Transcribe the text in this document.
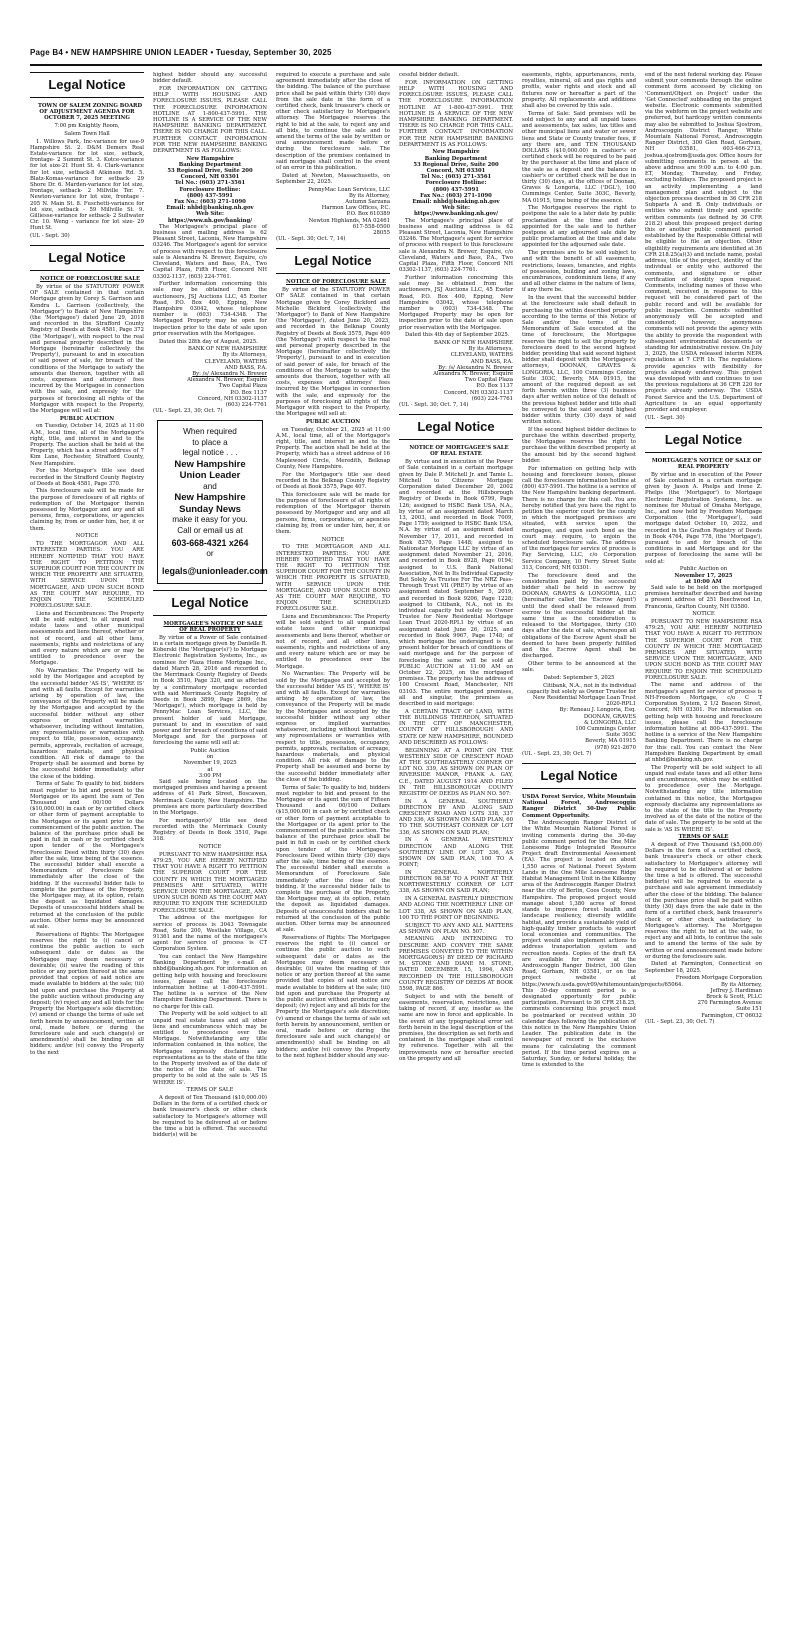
Page B4 • NEW HAMPSHIRE UNION LEADER • Tuesday, September 30, 2025
Legal Notice

TOWN OF SALEM ZONING BOARD OF ADJUSTMENT AGENDA FOR OCTOBER 7, 2025 MEETING

7:00 pm Knightly Room,

Salem Town Hall

1. Willows Park, Inc-variance for use-9 Hampshire St. 2. D&M Demers Real Estate-variance for lot size, setback, frontage- 2 Summit St. 3. Kotce-variance for lot size-21 Hunt St. 4. Clark-variance for lot size, setback-8 Atkinson Rd. 5. Blatz-Komas-variance for setback- 29 Shore Dr. 6. Marden-variance for lot size, frontage, setback- 2 Millville Ter. 7. Newton-variance for lot size, frontage - 205 N. Main St. 8. Fuschetti-variance for lot size, setback - 59 Millville St. 9. Gilliesse-variance for setback- 2 Sullwater Cir. 10. Weng - variance for lot size- 29 Hunt St.

(UL - Sept. 30)

Legal Notice

NOTICE OF FORECLOSURE SALE

By virtue of the STATUTORY POWER OF SALE contained in that certain Mortgage given by Corey S. Garrison and Kendra L. Garrison (collectively, the 'Mortgagor') to Bank of New Hampshire (the 'Mortgagee') dated June 29, 2018 and recorded in the Strafford County Registry of Deeds at Book 4581, Page 372 (the 'Mortgage'), with respect to the real and personal property described in the Mortgage (hereinafter collectively the 'Property'), pursuant to and in execution of said power of sale, for breach of the conditions of the Mortgage to satisfy the amounts due thereon, together with all costs, expenses and attorneys' fees incurred by the Mortgagee in connection with the sale, and expressly for the purposes of foreclosing all rights of the Mortgagor with respect to the Property, the Mortgagee will sell at:

PUBLIC AUCTION

on Tuesday, October 14, 2025 at 11:00 A.M., local time, all of the Mortgagor's right, title, and interest in and to the Property. The auction shall be held at the Property, which has a street address of 7 Kim Lane, Rochester, Strafford County, New Hampshire.

For the Mortgagor's title see deed recorded in the Strafford County Registry of Deeds at Book 4581, Page 370.

This foreclosure sale will be made for the purpose of foreclosure of all rights of redemption of the Mortgagor therein possessed by Mortgagor and any and all persons, firms, corporations, or agencies claiming by, from or under him, her, it or them.

NOTICE

TO THE MORTGAGOR AND ALL INTERESTED PARTIES: YOU ARE HEREBY NOTIFIED THAT YOU HAVE THE RIGHT TO PETITION THE SUPERIOR COURT FOR THE COUNTY IN WHICH THE PROPERTY ARE SITUATED, WITH SERVICE UPON THE MORTGAGEE, AND UPON SUCH BOND AS THE COURT MAY REQUIRE, TO ENJOIN THE SCHEDULED FORECLOSURE SALE.

Liens and Encumbrances: The Property will be sold subject to all unpaid real estate taxes and other municipal assessments and liens thereof, whether or not of record, and all other liens, easements, rights and restrictions of any and every nature which are or may be entitled to precedence over the Mortgage.

No Warranties: The Property will be sold by the Mortgagee and accepted by the successful bidder 'AS IS', 'WHERE IS' and with all faults. Except for warranties arising by operation of law, the conveyance of the Property will be made by the Mortgagee and accepted by the successful bidder without any other express or implied warranties whatsoever, including without limitation, any representations or warranties with respect to title, possession, occupancy, permits, approvals, recitation of acreage, hazardous materials, and physical condition. All risk of damage to the Property shall be assumed and borne by the successful bidder immediately after the close of the bidding.

Terms of Sale: To qualify to bid, bidders must register to bid and present to the Mortgagee or its agent the sum of Ten Thousand and 00/100 Dollars ($10,000.00) in cash or by certified check or other form of payment acceptable to the Mortgagee or its agent prior to the commencement of the public auction. The balance of the purchase price shall be paid in full in cash or by certified check upon tender of the Mortgagee's Foreclosure Deed within thirty (30) days after the sale, time being of the essence. The successful bidder shall execute a Memorandum of Foreclosure Sale immediately after the close of the bidding. If the successful bidder fails to complete the purchase of the Property, the Mortgagee may, at its option, retain the deposit as liquidated damages. Deposits of unsuccessful bidders shall be returned at the conclusion of the public auction. Other terms may be announced at sale.

Reservations of Rights: The Mortgagee reserves the right to (i) cancel or continue the public auction to such subsequent date or dates as the Mortgagee may deem necessary or desirable; (ii) waive the reading of this notice or any portion thereof at the same provided that copies of said notice are made available to bidders at the sale; (iii) bid upon and purchase the Property at the public auction without producing any deposit; (iv) reject any and all bids for the Property the Mortgagee's sole discretion; (v) amend or change the terms of sale set forth herein by announcement, written or oral, made before or during the foreclosure sale and such change(s) or amendment(s) shall be binding on all bidders; and/or (vi) convey the Property to the next

highest bidder should any successful bidder default.

FOR INFORMATION ON GETTING HELP WITH HOUSING AND FORECLOSURE ISSUES, PLEASE CALL THE FORECLOSURE INFORMATION HOTLINE AT 1-800-437-5991. THE HOTLINE IS A SERVICE OF THE NEW HAMPSHIRE BANKING DEPARTMENT. THERE IS NO CHARGE FOR THIS CALL. FURTHER CONTACT INFORMATION FOR THE NEW HAMPSHIRE BANKING DEPARTMENT IS AS FOLLOWS:

New Hampshire
Banking Department
53 Regional Drive, Suite 200
Concord, NH 03301
Tel No.: (603) 271-3561
Foreclosure Hotline:
(800) 437-5991
Fax No.: (603) 271-1090
Email: nhbd@banking.nh.gov
Web Site:
https://www.nh.gov/banking/

The Mortgagee's principal place of business and mailing address is 62 Pleasant Street, Laconia, New Hampshire 03246. The Mortgagee's agent for service of process with respect to this foreclosure sale is Alexandra N. Brewer, Esquire, c/o Cleveland, Waters and Bass, P.A., Two Capital Plaza, Fifth Floor, Concord NH 03302-1137, (603) 224-7761.

Further information concerning this sale may be obtained from the auctioneers, JSJ Auctions LLC, 45 Exeter Road, P.O. Box 400, Epping, New Hampshire 03042, whose telephone number is (603) 734-4348. The Mortgaged Property may be open for inspection prior to the date of sale upon prior reservation with the Mortgagee.

Dated this 28th day of August, 2025.

BANK OF NEW HAMPSHIRE
By its Attorneys,
CLEVELAND, WATERS
AND BASS, P.A.
By: /s/ Alexandra N. Brewer
Alexandra N. Brewer, Esquire
Two Capital Plaza
P.O. Box 1137
Concord, NH 03302-1137
(603) 224-7761

(UL - Sept. 23, 30; Oct. 7)

When required
to place a
legal notice . . .
New Hampshire
Union Leader
and
New Hampshire
Sunday News
make it easy for you.
Call or email us at
603-668-4321 x264
or
legals@unionleader.com
Legal Notice

MORTGAGEE'S NOTICE OF SALE OF REAL PROPERTY

By virtue of a Power of Sale contained in a certain mortgage given by Danielle R. Koberski (the 'Mortgagor(s)') to Mortgage Electronic Registration Systems, Inc., as nominee for Plaza Home Mortgage Inc., dated March 28, 2016 and recorded in the Merrimack County Registry of Deeds in Book 3510, Page 320, and as affected by a confirmatory mortgage recorded with said Merrimack County Registry of Deeds in Book 3899, Page 2869, (the 'Mortgage'), which mortgage is held by PennyMac Loan Services, LLC, the present holder of said Mortgage, pursuant to and in execution of said power and for breach of conditions of said Mortgage and for the purposes of foreclosing the same will sell at:

Public Auction
on
November 19, 2025
at
3:00 PM

Said sale being located on the mortgaged premises and having a present address of 41 Park Street, Boscawen, Merrimack County, New Hampshire. The premises are more particularly described in the Mortgage.

For mortgagor(s)' title see deed recorded with the Merrimack County Registry of Deeds in Book 3510, Page 318.

NOTICE

PURSUANT TO NEW HAMPSHIRE RSA 479:25, YOU ARE HEREBY NOTIFIED THAT YOU HAVE A RIGHT TO PETITION THE SUPERIOR COURT FOR THE COUNTY IN WHICH THE MORTGAGED PREMISES ARE SITUATED, WITH SERVICE UPON THE MORTGAGEE, AND UPON SUCH BOND AS THE COURT MAY REQUIRE TO ENJOIN THE SCHEDULED FORECLOSURE SALE.

The address of the mortgagee for service of process is 3043 Townsgate Road, Suite 200, Westlake Village, CA 91361 and the name of the mortgagee's agent for service of process is CT Corporation System.

You can contact the New Hampshire Banking Department by e-mail at nhbd@banking.nh.gov. For information on getting help with housing and foreclosure issues, please call the foreclosure information hotline at 1-800-437-5991. The hotline is a service of the New Hampshire Banking Department. There is no charge for this call.

The Property will be sold subject to all unpaid real estate taxes and all other liens and encumbrances which may be entitled to precedence over the Mortgage. Notwithstanding any title information contained in this notice, the Mortgagee expressly disclaims any representations as to the state of the title to the Property involved as of the date of the notice of the date of sale. The property to be sold at the sale is 'AS IS WHERE IS'.

TERMS OF SALE

A deposit of Ten Thousand ($10,000.00) Dollars in the form of a certified check or bank treasurer's check or other check satisfactory to Mortgagee's attorney will be required to be delivered at or before the time a bid is offered. The successful bidder(s) will be

required to execute a purchase and sale agreement immediately after the close of the bidding. The balance of the purchase price shall be paid within thirty (30) days from the sale date in the form of a certified check, bank treasurer's check or other check satisfactory to Mortgagee's attorney. The Mortgagee reserves the right to bid at the sale, to reject any and all bids, to continue the sale and to amend the terms of the sale by written or oral announcement made before or during the foreclosure sale. The description of the premises contained in said mortgage shall control in the event of an error in this publication.

Dated at Newton, Massachusetts, on September 22, 2025.

PennyMac Loan Services, LLC
By its Attorney,
Autumn Sarzana
Harmon Law Offices, P.C.
P.O. Box 610389
Newton Highlands, MA 02461
617-558-0500
28055

(UL - Sept. 30; Oct. 7, 14)

Legal Notice

NOTICE OF FORECLOSURE SALE

By virtue of the STATUTORY POWER OF SALE contained in that certain Mortgage given by Corey Bickford and Michelle Bickford (collectively, the 'Mortgagor') to Bank of New Hampshire (the 'Mortgagee'), dated June 20, 2023, and recorded in the Belknap County Registry of Deeds at Book 3575, Page 409 (the 'Mortgage') with respect to the real and personal property described in the Mortgage (hereinafter collectively the 'Property'), pursuant to and in execution of said power of sale, for breach of the conditions of the Mortgage to satisfy the amounts due thereon, together with all costs, expenses and attorneys' fees incurred by the Mortgagee in connection with the sale, and expressly for the purposes of foreclosing all rights of the Mortgagor with respect to the Property, the Mortgagee will sell at:

PUBLIC AUCTION

on Tuesday, October 21, 2025 at 11:00 A.M., local time, all of the Mortgagor's right, title, and interest in and to the Property. The auction shall be held at the Property, which has a street address of 16 Maplewood Circle, Meredith, Belknap County, New Hampshire.

For the Mortgagor's title see deed recorded in the Belknap County Registry of Deeds at Book 3575, Page 407.

This foreclosure sale will be made for the purpose of foreclosure of all rights of redemption of the Mortgagor therein possessed by Mortgagor and any and all persons, firms, corporations, or agencies claiming by, from or under him, her, it or them.

NOTICE

TO THE MORTGAGOR AND ALL INTERESTED PARTIES: YOU ARE HEREBY NOTIFIED THAT YOU HAVE THE RIGHT TO PETITION THE SUPERIOR COURT FOR THE COUNTY IN WHICH THE PROPERTY IS SITUATED, WITH SERVICE UPON THE MORTGAGEE, AND UPON SUCH BOND AS THE COURT MAY REQUIRE, TO ENJOIN THE SCHEDULED FORECLOSURE SALE.

Liens and Encumbrances: The Property will be sold subject to all unpaid real estate taxes and other municipal assessments and liens thereof, whether or not of record, and all other liens, easements, rights and restrictions of any and every nature which are or may be entitled to precedence over the Mortgage.

No Warranties: The Property will be sold by the Mortgagee and accepted by the successful bidder 'AS IS', 'WHERE IS' and with all faults. Except for warranties arising by operation of law, the conveyance of the Property will be made by the Mortgagee and accepted by the successful bidder without any other express or implied warranties whatsoever, including without limitation, any representations or warranties with respect to title, possession, occupancy, permits, approvals, recitation of acreage, hazardous materials, and physical condition. All risk of damage to the Property shall be assumed and borne by the successful bidder immediately after the close of the bidding.

Terms of Sale: To qualify to bid, bidders must register to bid and present to the Mortgagee or its agent the sum of Fifteen Thousand and 00/100 Dollars ($15,000.00) in cash or by certified check or other form of payment acceptable to the Mortgagee or its agent prior to the commencement of the public auction. The balance of the purchase price shall be paid in full in cash or by certified check upon tender of the Mortgagee's Foreclosure Deed within thirty (30) days after the sale, time being of the essence. The successful bidder shall execute a Memorandum of Foreclosure Sale immediately after the close of the bidding. If the successful bidder fails to complete the purchase of the Property, the Mortgagee may, at its option, retain the deposit as liquidated damages. Deposits of unsuccessful bidders shall be returned at the conclusion of the public auction. Other terms may be announced at sale.

Reservations of Rights: The Mortgagee reserves the right to (i) cancel or continue the public auction to such subsequent date or dates as the Mortgagee may deem necessary or desirable; (ii) waive the reading of this notice or any portion thereof at the same provided that copies of said notice are made available to bidders at the sale; (iii) bid upon and purchase the Property at the public auction without producing any deposit; (iv) reject any and all bids for the Property the Mortgagee's sole discretion; (v) amend or change the terms of sale set forth herein by announcement, written or oral, made before or during the foreclosure sale and such change(s) or amendment(s) shall be binding on all bidders; and/or (vi) convey the Property to the next highest bidder should any suc-

cessful bidder default.

FOR INFORMATION ON GETTING HELP WITH HOUSING AND FORECLOSURE ISSUES, PLEASE CALL THE FORECLOSURE INFORMATION HOTLINE AT 1-800-437-5991. THE HOTLINE IS A SERVICE OF THE NEW HAMPSHIRE BANKING DEPARTMENT. THERE IS NO CHARGE FOR THIS CALL. FURTHER CONTACT INFORMATION FOR THE NEW HAMPSHIRE BANKING DEPARTMENT IS AS FOLLOWS:

New Hampshire
Banking Department
53 Regional Drive, Suite 200
Concord, NH 03301
Tel No.: (603) 271-3561
Foreclosure Hotline:
(800) 437-5991
Fax No.: (603) 271-1090
Email: nhbd@banking.nh.gov
Web Site:
https://www.banking.nh.gov/

The Mortgagee's principal place of business and mailing address is 62 Pleasant Street, Laconia, New Hampshire 03246. The Mortgagee's agent for service of process with respect to this foreclosure sale is Alexandra N. Brewer, Esquire, c/o Cleveland, Waters and Bass, P.A., Two Capital Plaza, Fifth Floor, Concord NH 03302-1137, (603) 224-7761.

Further information concerning this sale may be obtained from the auctioneers, JSJ Auctions LLC, 45 Exeter Road, P.O. Box 400, Epping, New Hampshire 03042, whose telephone number is (603) 734-4348. The Mortgaged Property may be open for inspection prior to the date of sale upon prior reservation with the Mortgagee.

Dated this 4th day of September 2025.

BANK OF NEW HAMPSHIRE
By its Attorneys,
CLEVELAND, WATERS
AND BASS, P.A.
By: /s/ Alexandra N. Brewer
Alexandra N. Brewer, Esquire
Two Capital Plaza
P.O. Box 1137
Concord, NH 03302-1137
(603) 224-7761

(UL - Sept. 30; Oct. 7, 14)

Legal Notice

NOTICE OF MORTGAGEE'S SALE OF REAL ESTATE

By virtue and in execution of the Power of Sale contained in a certain mortgage given by Dale P. Mitchell Jr. and Tamie L. Mitchell to Citizens Mortgage Corporation dated December 20, 2002 and recorded at the Hillsborough Registry of Deeds in Book 6799, Page 126; assigned to HSBC Bank USA, N.A., by virtue of an assignment dated March 13, 2003, and recorded in Book 7009, Page 1759; assigned to HSBC Bank USA, N.A. by virtue of an assignment dated November 17, 2011, and recorded in Book 8370, Page 1448; assigned to Nationstar Mortgage LLC by virtue of an assignment dated November 21, 2016, and recorded in Book 8928, Page 0194; assigned to U.S. Bank National Association, Not In Its Individual Capacity But Solely As Trustee For The NRZ Pass-Through Trust VII (PRE7) by virtue of an assignment dated September 5, 2019, and recorded in Book 9206, Page 1228; assigned to Citibank, N.A., not in its individual capacity but solely as Owner Trustee for New Residential Mortgage Loan Trust 2020-RPL1 by virtue of an assignment dated June 26, 2025, and recorded in Book 9967, Page 1748; of which mortgage the undersigned is the present holder for breach of conditions of said mortgage and for the purpose of foreclosing the same will be sold at PUBLIC AUCTION at 11:00 AM on October 22, 2025, on the mortgaged premises. The property has the address of 100 Crescent Road, Manchester, NH 03103. The entire mortgaged premises, all and singular, the premises as described in said mortgage:

A CERTAIN TRACT OF LAND, WITH THE BUILDINGS THEREON, SITUATED IN THE CITY OF MANCHESTER, COUNTY OF HILLSBOROUGH AND STATE OF NEW HAMPSHIRE, BOUNDED AND DESCRIBED AS FOLLOWS:

BEGINNING AT A POINT ON THE WESTERLY SIDE OF CRESCENT ROAD AT THE SOUTHEASTERLY CORNER OF LOT NO. 339, AS SHOWN ON PLAN OF RIVERSIDE MANOR, FRANK A. GAY, C.E., DATED AUGUST 1914 AND FILED IN THE HILLSBOROUGH COUNTY REGISTRY OF DEEDS AS PLAN NO. 507:

IN A GENERAL SOUTHERLY DIRECTION BY AND ALONG SAID CRESCENT ROAD AND LOTS 338, 337 AND 336, AS SHOWN ON SAID PLAN, 60 TO THE SOUTHEAST CORNER OF LOT 336, AS SHOWN ON SAID PLAN;

IN A GENERAL WESTERLY DIRECTION AND ALONG THE SOUTHERLY LINE OF LOT 336, AS SHOWN ON SAID PLAN, 100 TO A POINT;

IN GENERAL NORTHERLY DIRECTION 98.58' TO A POINT AT THE NORTHWESTERLY CORNER OF LOT 338, AS SHOWN ON SAID PLAN;

IN A GENERAL EASTERLY DIRECTION AND ALONG THE NORTHERLY LINE OF LOT 338, AS SHOWN ON SAID PLAN, 100 TO THE POINT OF BEGINNING.

SUBJECT TO ANY AND ALL MATTERS AS SHOWN ON PLAN NO. 507.

MEANING AND INTENDING TO DESCRIBE AND CONVEY THE SAME PREMISES CONVEYED TO THE WITHIN MORTGAGOR(S) BY DEED OF RICHARD M. STONE AND DIANE M. STONE, DATED DECEMBER 15, 1994, AND RECORDED IN THE HILLSBOROUGH COUNTY REGISTRY OF DEEDS AT BOOK 5598, PAGE 866.

Subject to and with the benefit of easements, reservation, restrictions, and taking of record, if any, insofar as the same are now in force and applicable. In the event of any typographical error set forth herein in the legal description of the premises, the description as set forth and contained in the mortgage shall control by reference. Together with all the improvements now or hereafter erected on the property and all

easements, rights, appurtenances, rents, royalties, mineral, oil and gas rights and profits, water rights and stock and all fixtures now or hereafter a part of the property. All replacements and additions shall also be covered by this sale.

Terms of Sale: Said premises will be sold subject to any and all unpaid taxes and assessments, tax sales, tax titles and other municipal liens and water or sewer liens and State or County transfer fees, if any there are, and TEN THOUSAND DOLLARS ($10,000.00) in cashier's or certified check will be required to be paid by the purchaser at the time and place of the sale as a deposit and the balance in cashier's or certified check will be due in thirty (30) days, at the offices of Doonan, Graves & Longoria, LLC ('DGL'), 100 Cummings Center, Suite 303C, Beverly, MA 01915, time being of the essence.

The Mortgagee reserves the right to postpone the sale to a later date by public proclamation at the time and date appointed for the sale and to further postpone at any adjourned sale date by public proclamation at the time and date appointed for the adjourned sale date.

The premises are to be sold subject to and with the benefit of all easements, restrictions, leases, tenancies, and rights of possession, building and zoning laws, encumbrances, condominium liens, if any and all other claims in the nature of liens, if any there be.

In the event that the successful bidder at the foreclosure sale shall default in purchasing the within described property according to the terms of this Notice of Sale and/or the terms of the Memorandum of Sale executed at the time of foreclosure, the Mortgagee reserves the right to sell the property by foreclosure deed to the second highest bidder, providing that said second highest bidder shall deposit with the Mortgagee's attorneys, DOONAN, GRAVES & LONGORIA, LLC, 100 Cummings Center, Suite 303C, Beverly, MA 01915, the amount of the required deposit as set forth herein within three (3) business days after written notice of the default of the previous highest bidder and title shall be conveyed to the said second highest bidder within thirty (30) days of said written notice.

If the second highest bidder declines to purchase the within described property, the Mortgagee reserves the right to purchase the within described property at the amount bid by the second highest bidder.

For information on getting help with housing and foreclosure issues, please call the foreclosure information hotline at (800) 437-5991. The hotline is a service of the New Hampshire banking department. There is no charge for this call. You are hereby notified that you have the right to petition the superior court for the county in which the mortgaged premises are situated, with service upon the mortgagee, and upon such bond as the court may require, to enjoin the scheduled foreclosure sale. The address of the mortgagee for service of process is Fay Servicing, LLC, c/o Corporation Service Company, 10 Ferry Street Suite 313, Concord, NH 03301.

The foreclosure deed and the consideration paid by the successful bidder shall be held in escrow by DOONAN, GRAVES & LONGORIA, LLC (hereinafter called the 'Escrow Agent') until the deed shall be released from escrow to the successful bidder at the same time as the consideration is released to the Mortgagee, thirty (30) days after the date of sale, whereupon all obligations of the Escrow Agent shall be deemed to have been properly fulfilled and the Escrow Agent shall be discharged.

Other terms to be announced at the sale.

Dated: September 5, 2025

Citibank, N.A., not in its individual capacity but solely as Owner Trustee for New Residential Mortgage Loan Trust 2020-RPL1
By: Reneau J. Longoria, Esq.
DOONAN, GRAVES
& LONGORIA, LLC
100 Cummings Center
Suite 303C
Beverly, MA 01915
(978) 921-2670

(UL - Sept. 23, 30; Oct. 7)

Legal Notice

USDA Forest Service, White Mountain National Forest, Androscoggin Ranger District 30-Day Public Comment Opportunity.

The Androscoggin Ranger District of the White Mountain National Forest is inviting comments during the 30-day public comment period for the One Mile Lonesome Ridge Integrated Resource Project draft Environmental Assessment (EA). The project is located on about 1,550 acres of National Forest System Lands in the One Mile Lonesome Ridge Habitat Management Unit in the Kilkenny area of the Androscoggin Ranger District near the city of Berlin, Coos County, New Hampshire. The proposed project would manage about 1,380 acres of forest stands to improve forest health and landscape resiliency, diversify wildlife habitat, and provide a sustainable yield of high-quality timber products to support local economies and communities. The project would also implement actions to address transportation system and recreation needs. Copies of the draft EA are available for review at the Androscoggin Ranger District, 300 Glen Road, Gorham, NH 03581, or on the project website at https://www.fs.usda.gov/r09/whitemountain/projects/65064. This 30-day comment period is a designated opportunity for public participation. Pursuant to 36 CFR 218.25, comments concerning this project must be postmarked or received within 30 calendar days following the publication of this notice in the New Hampshire Union Leader. The publication date in the newspaper of record is the exclusive means for calculating the comment period. If the time period expires on a Saturday, Sunday, or federal holiday, the time is extended to the

end of the next federal working day. Please submit your comments through the online comment form accessed by clicking on 'Comment/Object on Project' under the 'Get Connected' subheading on the project website. Electronic comments submitted via the webform on the project website are preferred, but hardcopy written comments may also be submitted to Joshua Sjostrom, Androscoggin District Ranger, White Mountain National Forest, Androscoggin Ranger District, 300 Glen Road, Gorham, NH 03581, 603-466-2713, joshua.sjostrom@usda.gov. Office hours for submitting comments in person at the above address are 9:00 a.m. to 4:00 p.m. ET, Monday, Thursday, and Friday, excluding holidays. The proposed project is an activity implementing a land management plan and subject to the objection process described in 36 CFR 218 Subparts A and B. Only individuals or entities who submit timely and specific written comments (as defined by 36 CFR 218.2) about this proposed project during this or another public comment period established by the Responsible Official will be eligible to file an objection. Other eligibility requirements are identified at 36 CFR 218.25(a)(3) and include name, postal address, title of the project, identity of the individual or entity who authored the comments, and signature or other verification of identity upon request. Comments, including names of those who comment, received in response to this request will be considered part of the public record and will be available for public inspection. Comments submitted anonymously will be accepted and considered; however, anonymous comments will not provide the agency with the ability to provide the respondent with subsequent environmental documents or standing for administrative review. On July 3, 2025, the USDA released interim NEPA regulations at 7 CFR 1b. The regulations provide agencies with flexibility for projects already underway. This project was developed with and continues to use the previous regulations at 36 CFR 220 for projects already underway. The USDA Forest Service and the U.S. Department of Agriculture is an equal opportunity provider and employer.

(UL - Sept. 30)

Legal Notice

MORTGAGEE'S NOTICE OF SALE OF REAL PROPERTY

By virtue and in execution of the Power of Sale contained in a certain mortgage given by Jason A. Phelps and Irene Z. Phelps (the 'Mortgagor') to Mortgage Electronic Registration Systems, Inc. as nominee for Mutual of Omaha Mortgage, Inc., and now held by Freedom Mortgage Corporation (the 'Mortgagee'), said mortgage dated October 10, 2022, and recorded in the Grafton Registry of Deeds in Book 4764, Page 778, (the 'Mortgage'), pursuant to and for breach of the conditions in said Mortgage and for the purpose of foreclosing the same will be sold at:

Public Auction on
November 17, 2025
at 10:00 AM

Said sale to be held on the mortgaged premises hereinafter described and having a present address of 251 Beechwood Ln, Franconia, Grafton County, NH 03580.

NOTICE

PURSUANT TO NEW HAMPSHIRE RSA 479:25, YOU ARE HEREBY NOTIFIED THAT YOU HAVE A RIGHT TO PETITION THE SUPERIOR COURT FOR THE COUNTY IN WHICH THE MORTGAGED PREMISES ARE SITUATED, WITH SERVICE UPON THE MORTGAGEE, AND UPON SUCH BOND AS THE COURT MAY REQUIRE TO ENJOIN THE SCHEDULED FORECLOSURE SALE.

The name and address of the mortgagee's agent for service of process is NH-Freedom Mortgage, c/o C T Corporation System, 2 1/2 Beacon Street, Concord, NH 03301. For information on getting help with housing and foreclosure issues, please call the foreclosure information hotline at 800-437-5991. The hotline is a service of the New Hampshire Banking Department. There is no charge for this call. You can contact the New Hampshire Banking Department by email at nhbd@banking.nh.gov.

The Property will be sold subject to all unpaid real estate taxes and all other liens and encumbrances, which may be entitled to precedence over the Mortgage. Notwithstanding any title information contained in this notice, the Mortgagee expressly disclaims any representations as to the state of the title to the Property involved as of the date of the notice of the date of sale. The property to be sold at the sale is 'AS IS WHERE IS'.

TERMS OF SALE

A deposit of Five Thousand ($5,000.00) Dollars in the form of a certified check, bank treasurer's check or other check satisfactory to Mortgagee's attorney will be required to be delivered at or before the time a bid is offered. The successful bidder(s) will be required to execute a purchase and sale agreement immediately after the close of the bidding. The balance of the purchase price shall be paid within thirty (30) days from the sale date in the form of a certified check, bank treasurer's check or other check satisfactory to Mortgagee's attorney. The Mortgagee reserves the right to bid at the sale, to reject any and all bids, to continue the sale and to amend the terms of the sale by written or oral announcement made before or during the foreclosure sale.

Dated at Farmington, Connecticut on September 18, 2025.

Freedom Mortgage Corporation
By its Attorney,
Jeffrey J. Hardiman
Brock & Scott, PLLC
270 Farmington Avenue
Suite 151
Farmington, CT 06032

(UL - Sept. 23, 30; Oct. 7)
